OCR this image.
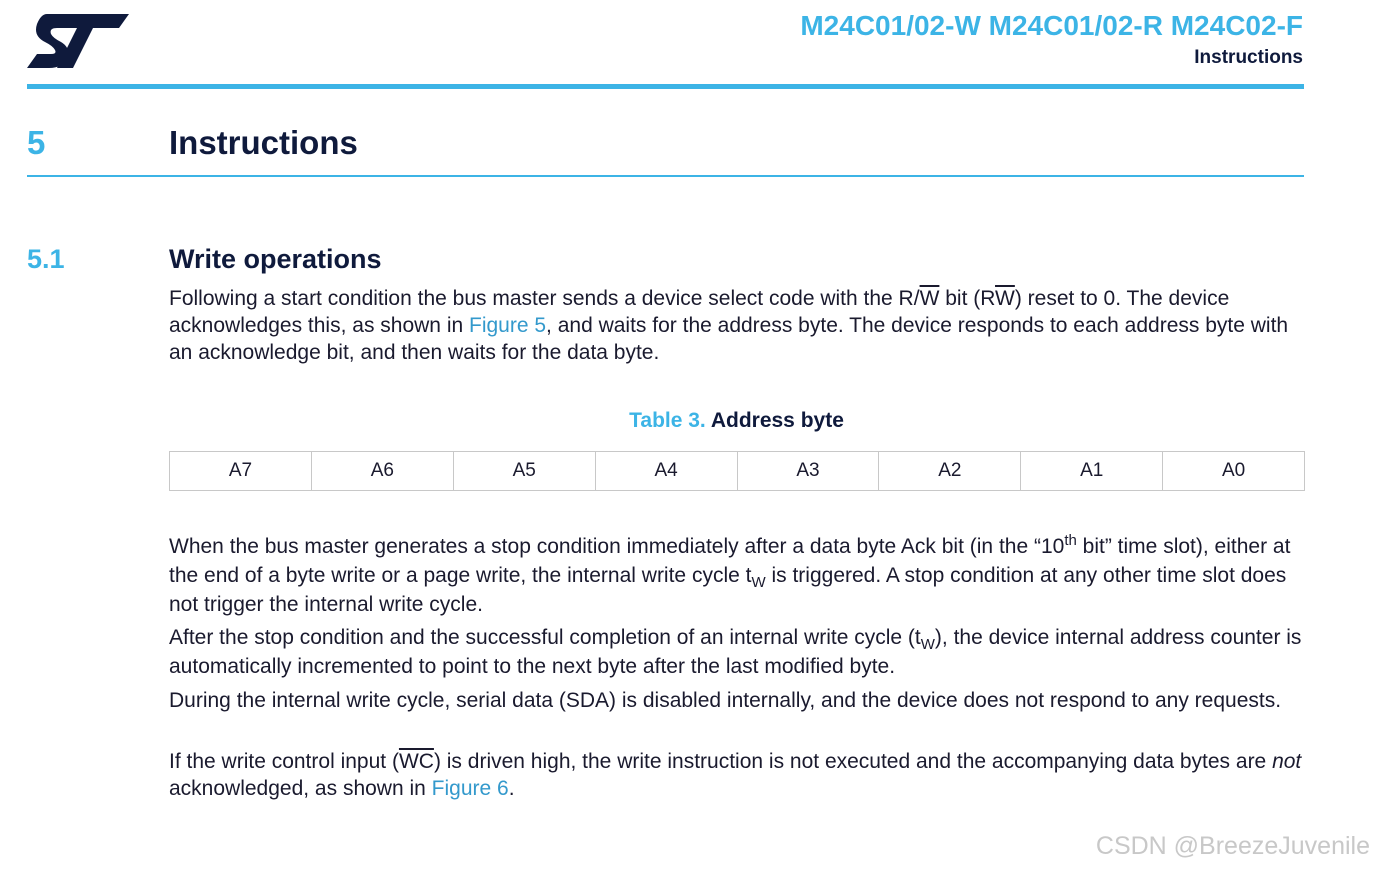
M24C01/02-W M24C01/02-R M24C02-F
Instructions
5	Instructions
5.1	Write operations

Following a start condition the bus master sends a device select code with the $R/\overline{W}$ bit $(R\overline{W})$ reset to 0. The device acknowledges this, as shown in Figure 5, and waits for the address byte. The device responds to each address byte with an acknowledge bit, and then waits for the data byte.

Table 3. Address byte
A7	A6	A5	A4	A3	A2	A1	A0

When the bus master generates a stop condition immediately after a data byte Ack bit (in the “10th bit” time slot), either at the end of a byte write or a page write, the internal write cycle $t_W$ is triggered. A stop condition at any other time slot does not trigger the internal write cycle.

After the stop condition and the successful completion of an internal write cycle $(t_W)$, the device internal address counter is automatically incremented to point to the next byte after the last modified byte.

During the internal write cycle, serial data (SDA) is disabled internally, and the device does not respond to any requests.

If the write control input $(\overline{WC})$ is driven high, the write instruction is not executed and the accompanying data bytes are not acknowledged, as shown in Figure 6.

CSDN @BreezeJuvenile
